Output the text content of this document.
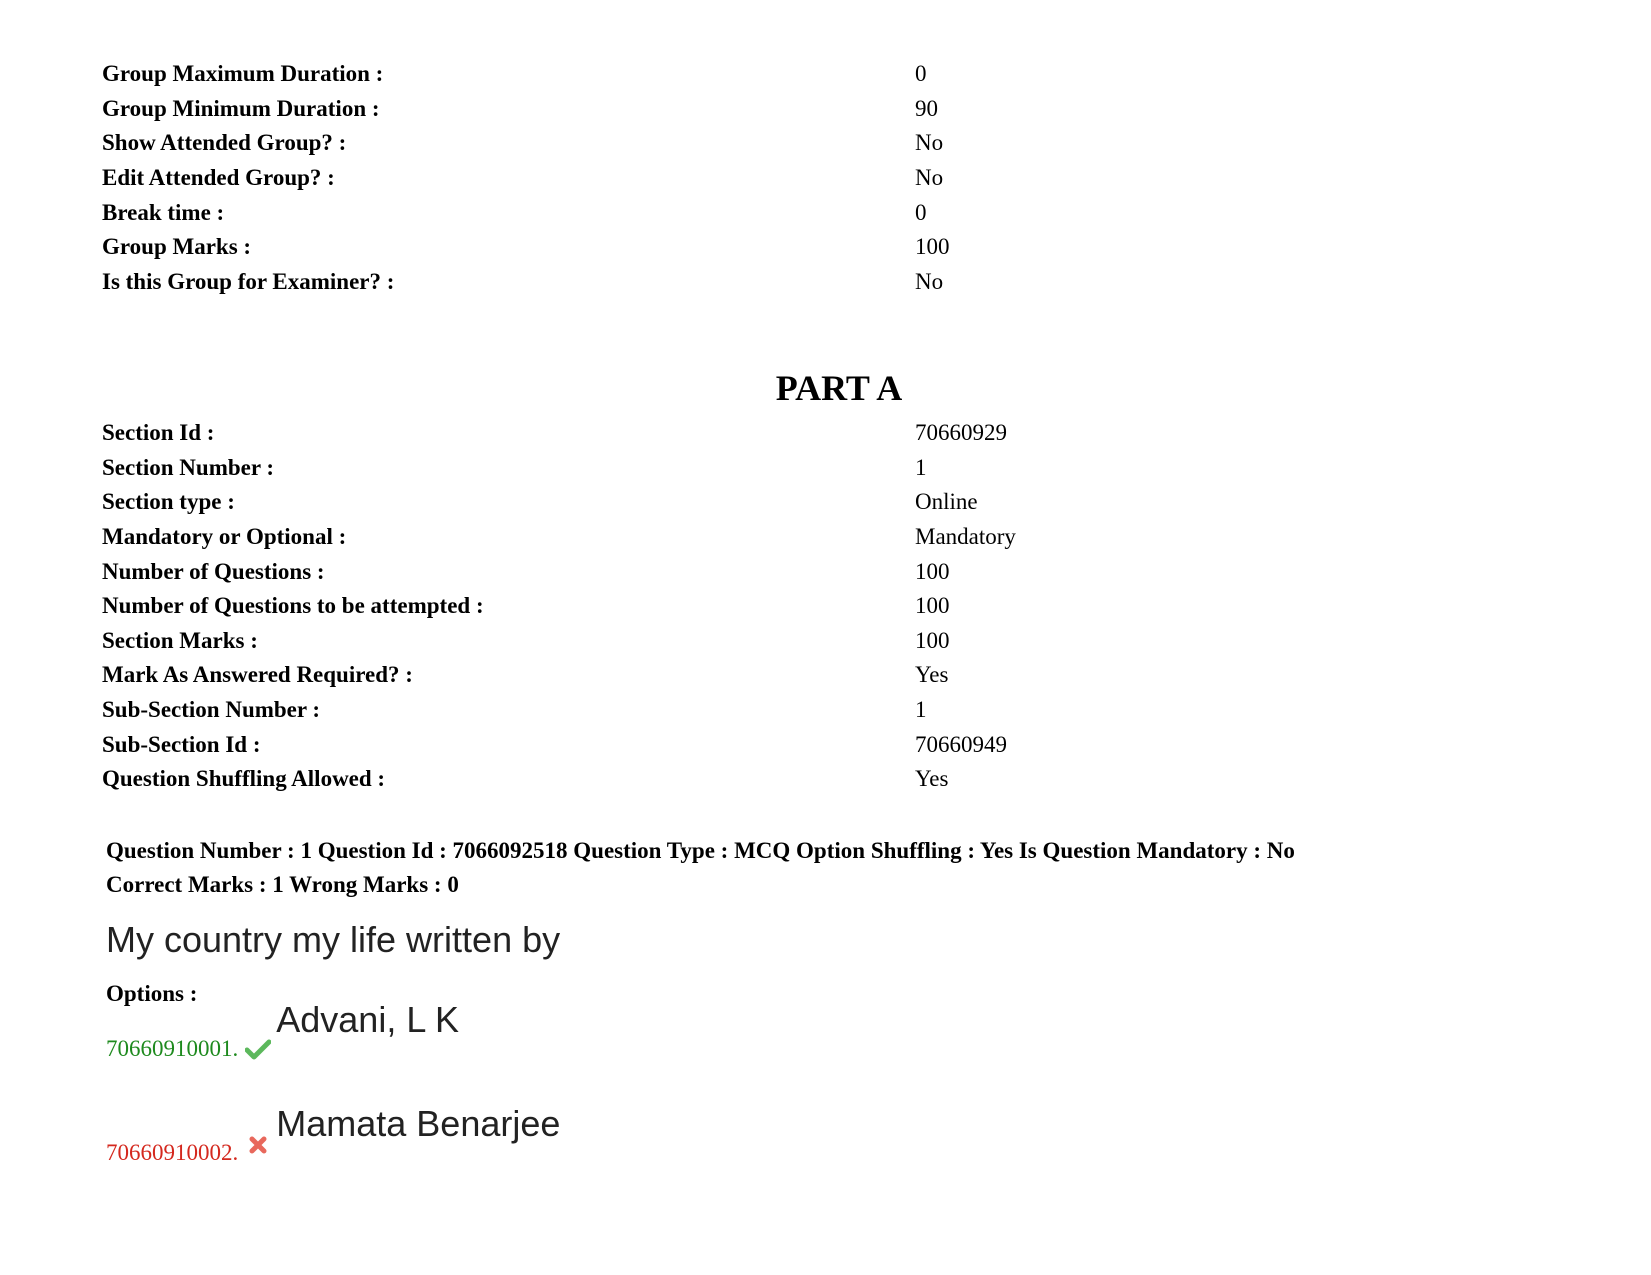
Group Maximum Duration :	0
Group Minimum Duration :	90
Show Attended Group? :	No
Edit Attended Group? :	No
Break time :	0
Group Marks :	100
Is this Group for Examiner? :	No
PART A
Section Id :	70660929
Section Number :	1
Section type :	Online
Mandatory or Optional :	Mandatory
Number of Questions :	100
Number of Questions to be attempted :	100
Section Marks :	100
Mark As Answered Required? :	Yes
Sub-Section Number :	1
Sub-Section Id :	70660949
Question Shuffling Allowed :	Yes
Question Number : 1 Question Id : 7066092518 Question Type : MCQ Option Shuffling : Yes Is Question Mandatory : No
Correct Marks : 1 Wrong Marks : 0
My country my life written by
Options :
70660910001.
Advani, L K
70660910002.
Mamata Benarjee
